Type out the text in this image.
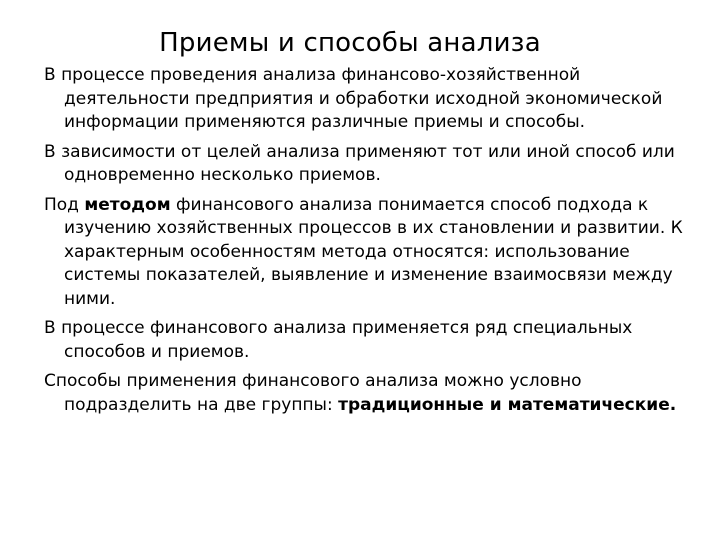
Приемы и способы анализа

В процессе проведения анализа финансово-хозяйственной деятельности предприятия и обработки исходной экономической информации применяются различные приемы и способы.

В зависимости от целей анализа применяют тот или иной способ или одновременно несколько приемов.

Под методом финансового анализа понимается способ подхода к изучению хозяйственных процессов в их становлении и развитии. К характерным особенностям метода относятся: использование системы показателей, выявление и изменение взаимосвязи между ними.

В процессе финансового анализа применяется ряд специальных способов и приемов.

Способы применения финансового анализа можно условно подразделить на две группы: традиционные и математические.
